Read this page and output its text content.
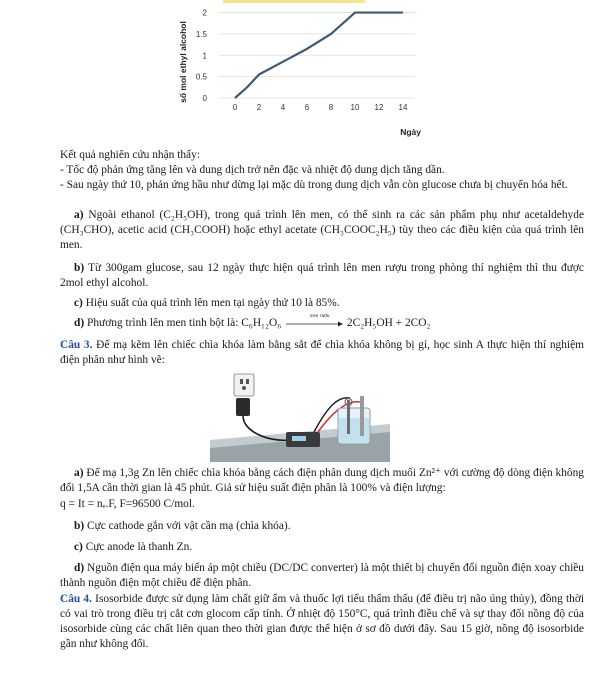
0
0.5
1
1.5
2
0 2 4 6 8 10 12 14
số mol ethyl alcohol
Ngày

Kết quả nghiên cứu nhận thấy:

- Tốc độ phản ứng tăng lên và dung dịch trở nên đặc và nhiệt độ dung dịch tăng dần.

- Sau ngày thứ 10, phản ứng hầu như dừng lại mặc dù trong dung dịch vẫn còn glucose chưa bị chuyển hóa hết.

a) Ngoài ethanol (C₂H₅OH), trong quá trình lên men, có thể sinh ra các sản phẩm phụ như acetaldehyde (CH₃CHO), acetic acid (CH₃COOH) hoặc ethyl acetate (CH₃COOC₂H₅) tùy theo các điều kiện của quá trình lên men.

b) Từ 300gam glucose, sau 12 ngày thực hiện quá trình lên men rượu trong phòng thí nghiệm thì thu được 2mol ethyl alcohol.

c) Hiệu suất của quá trình lên men tại ngày thứ 10 là 85%.

d) Phương trình lên men tinh bột là: C₆H₁₂O₆
men rượu
2C₂H₅OH + 2CO₂

Câu 3. Để mạ kẽm lên chiếc chìa khóa làm bằng sắt để chìa khóa không bị gỉ, học sinh A thực hiện thí nghiệm điện phân như hình vẽ:

a) Để mạ 1,3g Zn lên chiếc chìa khóa bằng cách điện phân dung dịch muối Zn²⁺ với cường độ dòng điện không đổi 1,5A cần thời gian là 45 phút. Giả sử hiệu suất điện phân là 100% và điện lượng:

q = It = nₑ.F, F=96500 C/mol.

b) Cực cathode gắn với vật cần mạ (chìa khóa).

c) Cực anode là thanh Zn.

d) Nguồn điện qua máy biến áp một chiều (DC/DC converter) là một thiết bị chuyển đổi nguồn điện xoay chiều thành nguồn điện một chiều để điện phân.

Câu 4. Isosorbide được sử dụng làm chất giữ ẩm và thuốc lợi tiểu thẩm thấu (để điều trị não úng thủy), đồng thời có vai trò trong điều trị cắt cơn glocom cấp tính. Ở nhiệt độ 150°C, quá trình điều chế và sự thay đổi nồng độ của isosorbide cùng các chất liên quan theo thời gian được thể hiện ở sơ đồ dưới đây. Sau 15 giờ, nồng độ isosorbide gần như không đổi.
